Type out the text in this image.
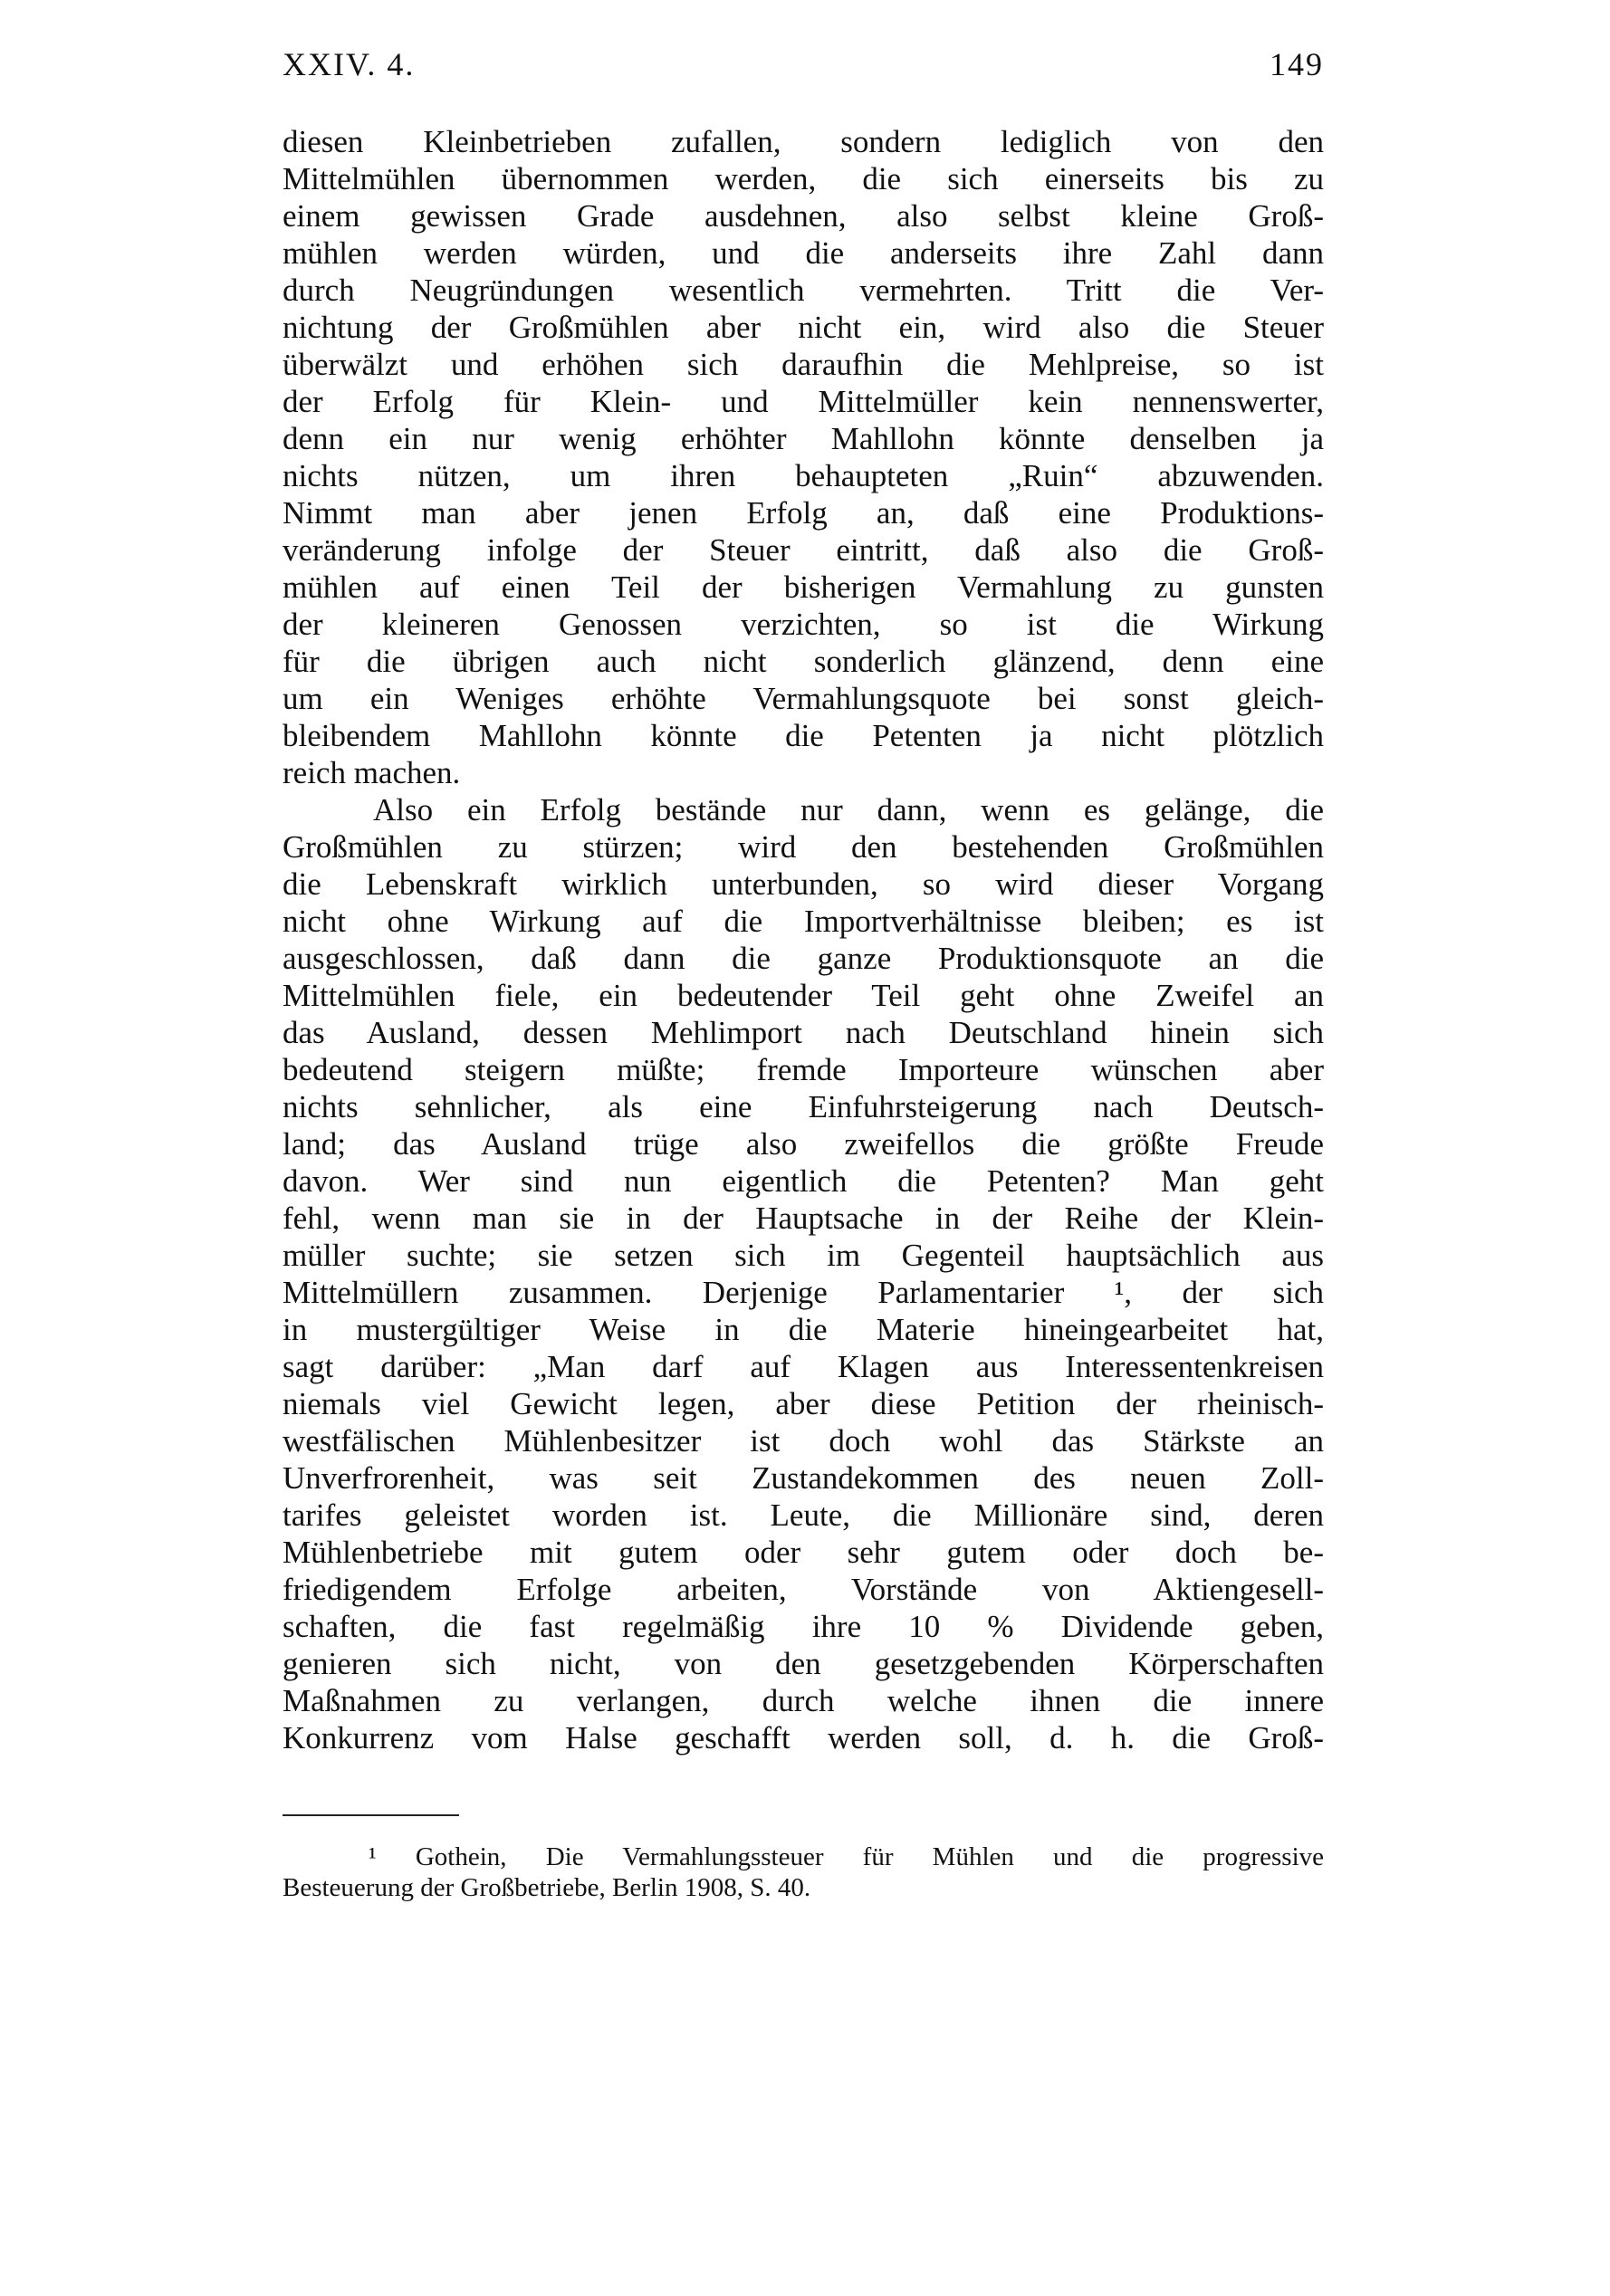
XXIV. 4.	149
diesen Kleinbetrieben zufallen, sondern lediglich von den
Mittelmühlen übernommen werden, die sich einerseits bis zu
einem gewissen Grade ausdehnen, also selbst kleine Groß-
mühlen werden würden, und die anderseits ihre Zahl dann
durch Neugründungen wesentlich vermehrten. Tritt die Ver-
nichtung der Großmühlen aber nicht ein, wird also die Steuer
überwälzt und erhöhen sich daraufhin die Mehlpreise, so ist
der Erfolg für Klein- und Mittelmüller kein nennenswerter,
denn ein nur wenig erhöhter Mahllohn könnte denselben ja
nichts nützen, um ihren behaupteten „Ruin“ abzuwenden.
Nimmt man aber jenen Erfolg an, daß eine Produktions-
veränderung infolge der Steuer eintritt, daß also die Groß-
mühlen auf einen Teil der bisherigen Vermahlung zu gunsten
der kleineren Genossen verzichten, so ist die Wirkung
für die übrigen auch nicht sonderlich glänzend, denn eine
um ein Weniges erhöhte Vermahlungsquote bei sonst gleich-
bleibendem Mahllohn könnte die Petenten ja nicht plötzlich
reich machen.
Also ein Erfolg bestände nur dann, wenn es gelänge, die
Großmühlen zu stürzen; wird den bestehenden Großmühlen
die Lebenskraft wirklich unterbunden, so wird dieser Vorgang
nicht ohne Wirkung auf die Importverhältnisse bleiben; es ist
ausgeschlossen, daß dann die ganze Produktionsquote an die
Mittelmühlen fiele, ein bedeutender Teil geht ohne Zweifel an
das Ausland, dessen Mehlimport nach Deutschland hinein sich
bedeutend steigern müßte; fremde Importeure wünschen aber
nichts sehnlicher, als eine Einfuhrsteigerung nach Deutsch-
land; das Ausland trüge also zweifellos die größte Freude
davon. Wer sind nun eigentlich die Petenten? Man geht
fehl, wenn man sie in der Hauptsache in der Reihe der Klein-
müller suchte; sie setzen sich im Gegenteil hauptsächlich aus
Mittelmüllern zusammen. Derjenige Parlamentarier ¹, der sich
in mustergültiger Weise in die Materie hineingearbeitet hat,
sagt darüber: „Man darf auf Klagen aus Interessentenkreisen
niemals viel Gewicht legen, aber diese Petition der rheinisch-
westfälischen Mühlenbesitzer ist doch wohl das Stärkste an
Unverfrorenheit, was seit Zustandekommen des neuen Zoll-
tarifes geleistet worden ist. Leute, die Millionäre sind, deren
Mühlenbetriebe mit gutem oder sehr gutem oder doch be-
friedigendem Erfolge arbeiten, Vorstände von Aktiengesell-
schaften, die fast regelmäßig ihre 10 % Dividende geben,
genieren sich nicht, von den gesetzgebenden Körperschaften
Maßnahmen zu verlangen, durch welche ihnen die innere
Konkurrenz vom Halse geschafft werden soll, d. h. die Groß-
¹ Gothein, Die Vermahlungssteuer für Mühlen und die progressive
Besteuerung der Großbetriebe, Berlin 1908, S. 40.
